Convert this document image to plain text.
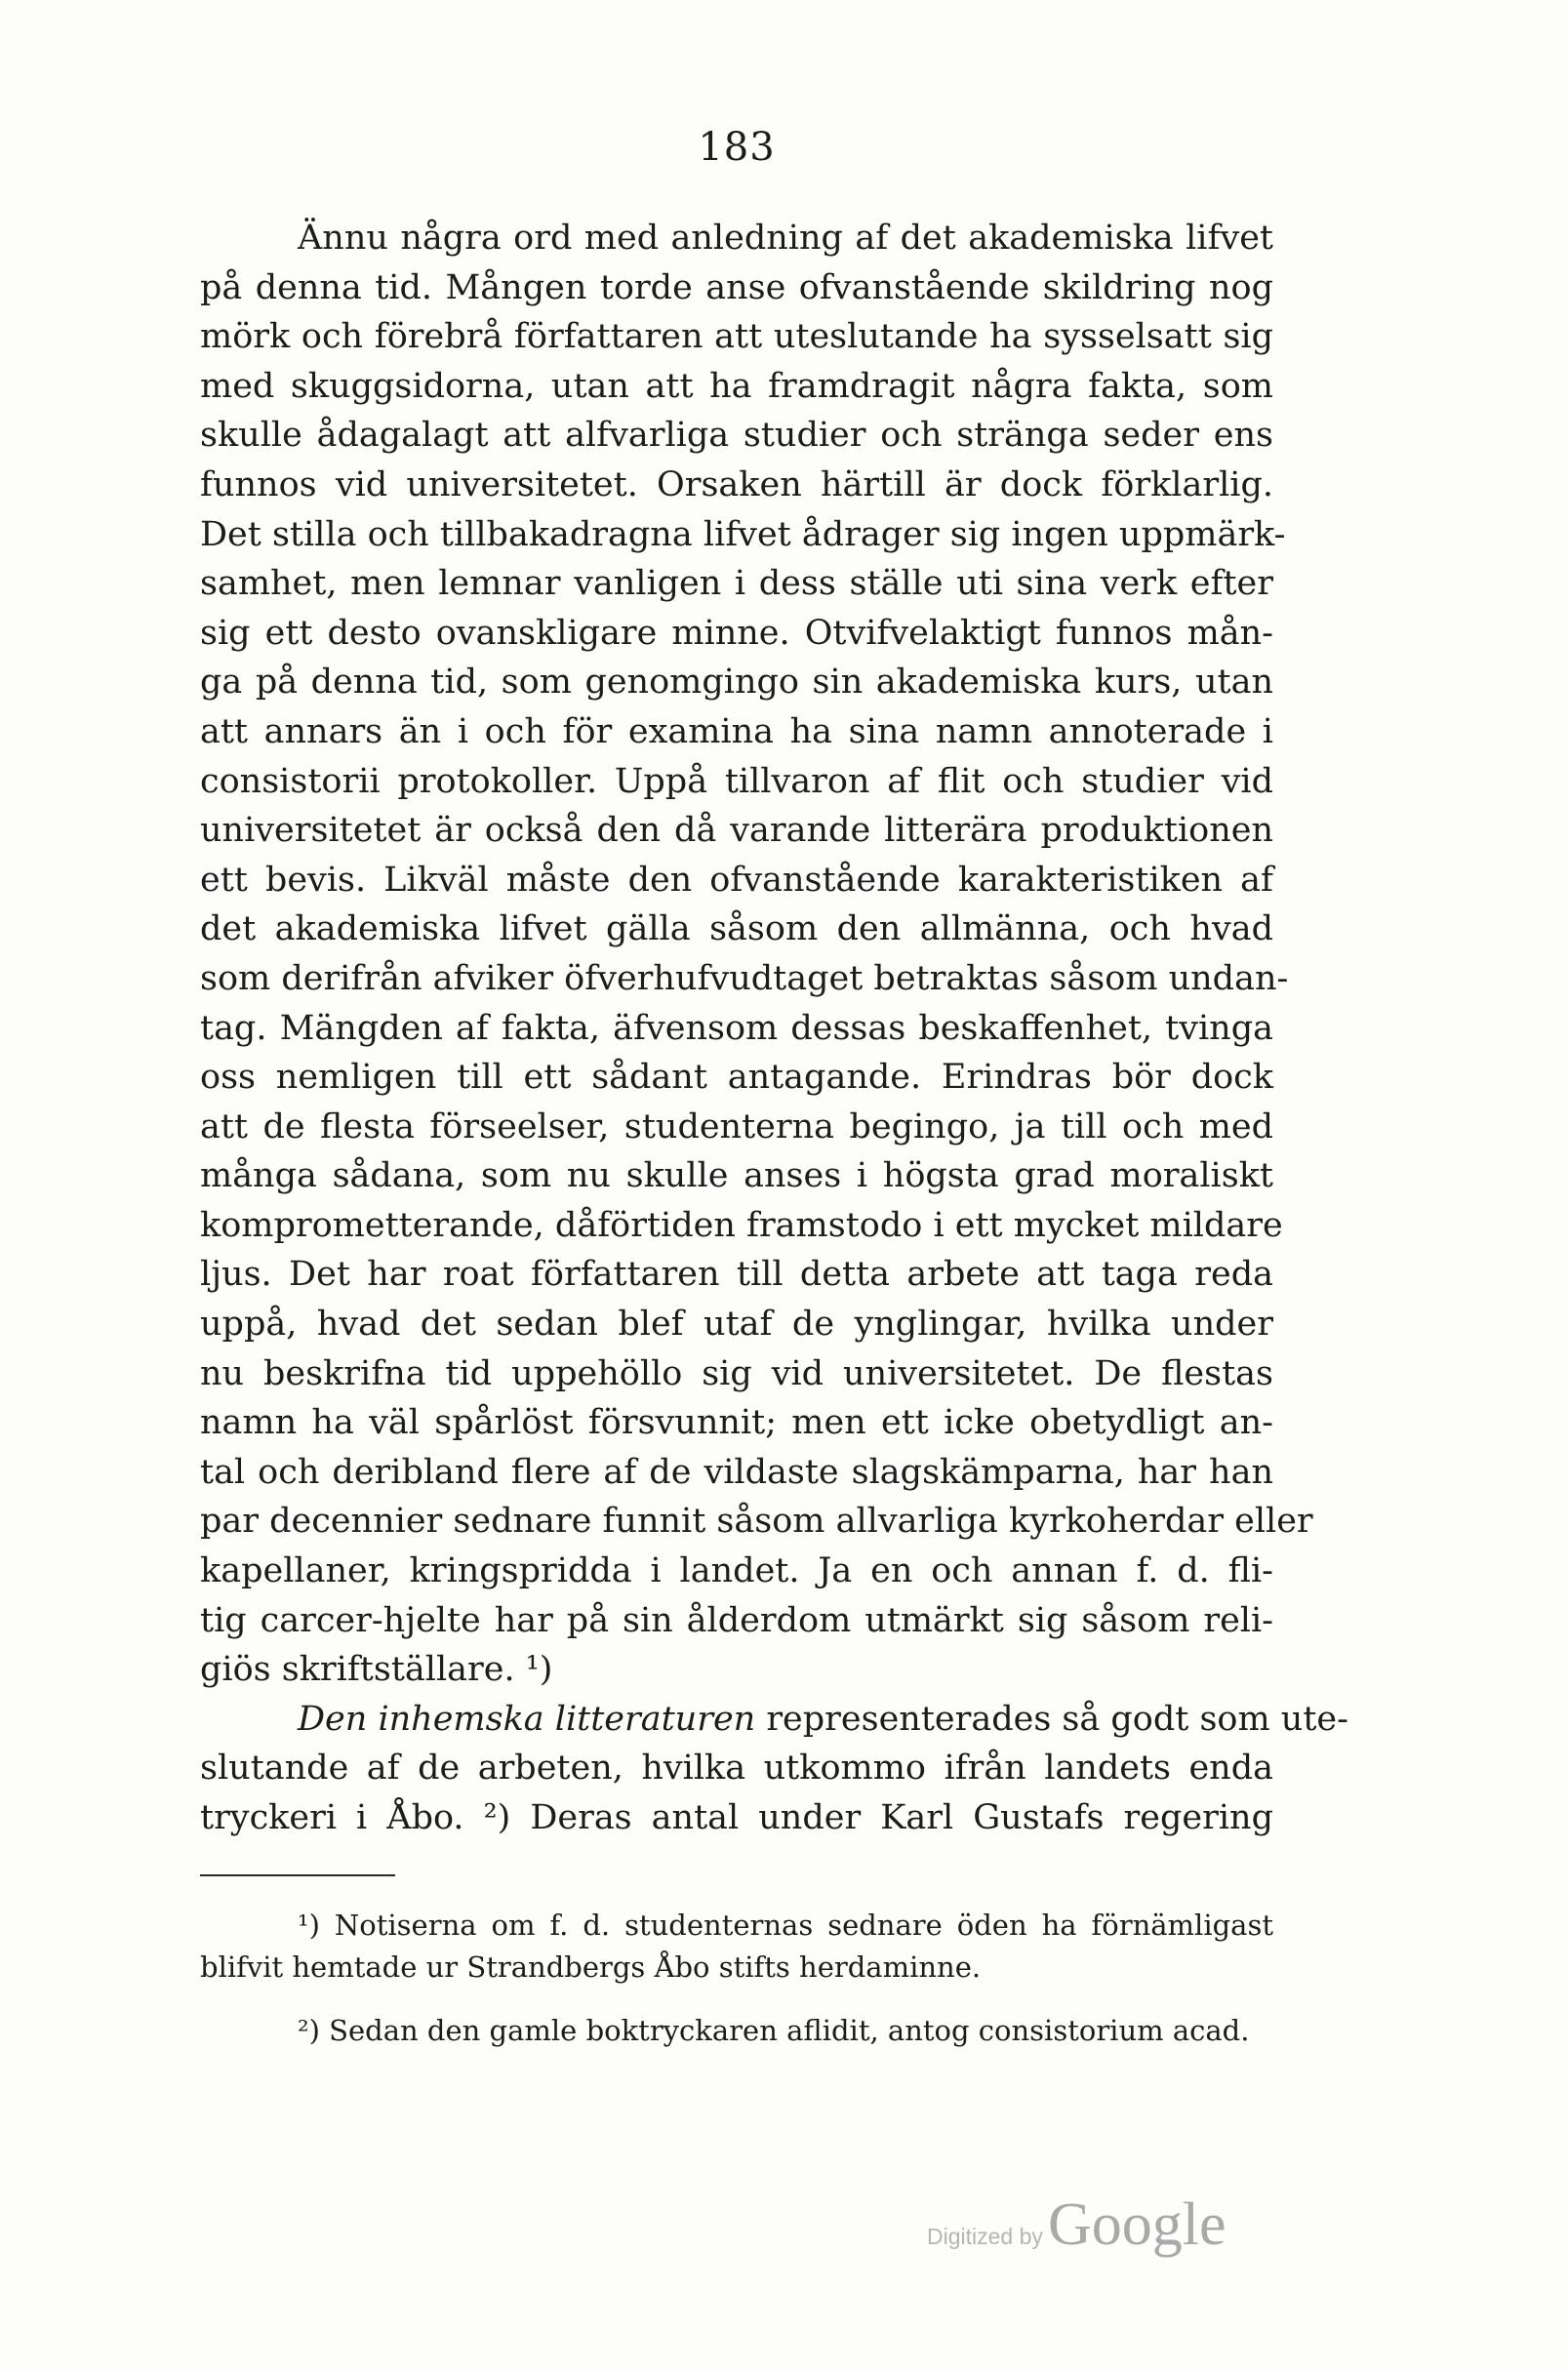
183
Ännu några ord med anledning af det akademiska lifvet
på denna tid. Mången torde anse ofvanstående skildring nog
mörk och förebrå författaren att uteslutande ha sysselsatt sig
med skuggsidorna, utan att ha framdragit några fakta, som
skulle ådagalagt att alfvarliga studier och stränga seder ens
funnos vid universitetet. Orsaken härtill är dock förklarlig.
Det stilla och tillbakadragna lifvet ådrager sig ingen uppmärk-
samhet, men lemnar vanligen i dess ställe uti sina verk efter
sig ett desto ovanskligare minne. Otvifvelaktigt funnos mån-
ga på denna tid, som genomgingo sin akademiska kurs, utan
att annars än i och för examina ha sina namn annoterade i
consistorii protokoller. Uppå tillvaron af flit och studier vid
universitetet är också den då varande litterära produktionen
ett bevis. Likväl måste den ofvanstående karakteristiken af
det akademiska lifvet gälla såsom den allmänna, och hvad
som derifrån afviker öfverhufvudtaget betraktas såsom undan-
tag. Mängden af fakta, äfvensom dessas beskaffenhet, tvinga
oss nemligen till ett sådant antagande. Erindras bör dock
att de flesta förseelser, studenterna begingo, ja till och med
många sådana, som nu skulle anses i högsta grad moraliskt
komprometterande, dåförtiden framstodo i ett mycket mildare
ljus. Det har roat författaren till detta arbete att taga reda
uppå, hvad det sedan blef utaf de ynglingar, hvilka under
nu beskrifna tid uppehöllo sig vid universitetet. De flestas
namn ha väl spårlöst försvunnit; men ett icke obetydligt an-
tal och deribland flere af de vildaste slagskämparna, har han
par decennier sednare funnit såsom allvarliga kyrkoherdar eller
kapellaner, kringspridda i landet. Ja en och annan f. d. fli-
tig carcer-hjelte har på sin ålderdom utmärkt sig såsom reli-
giös skriftställare. ¹)
Den inhemska litteraturen representerades så godt som ute-
slutande af de arbeten, hvilka utkommo ifrån landets enda
tryckeri i Åbo. ²) Deras antal under Karl Gustafs regering
¹) Notiserna om f. d. studenternas sednare öden ha förnämligast
blifvit hemtade ur Strandbergs Åbo stifts herdaminne.
²) Sedan den gamle boktryckaren aflidit, antog consistorium acad.
Digitized by Google
